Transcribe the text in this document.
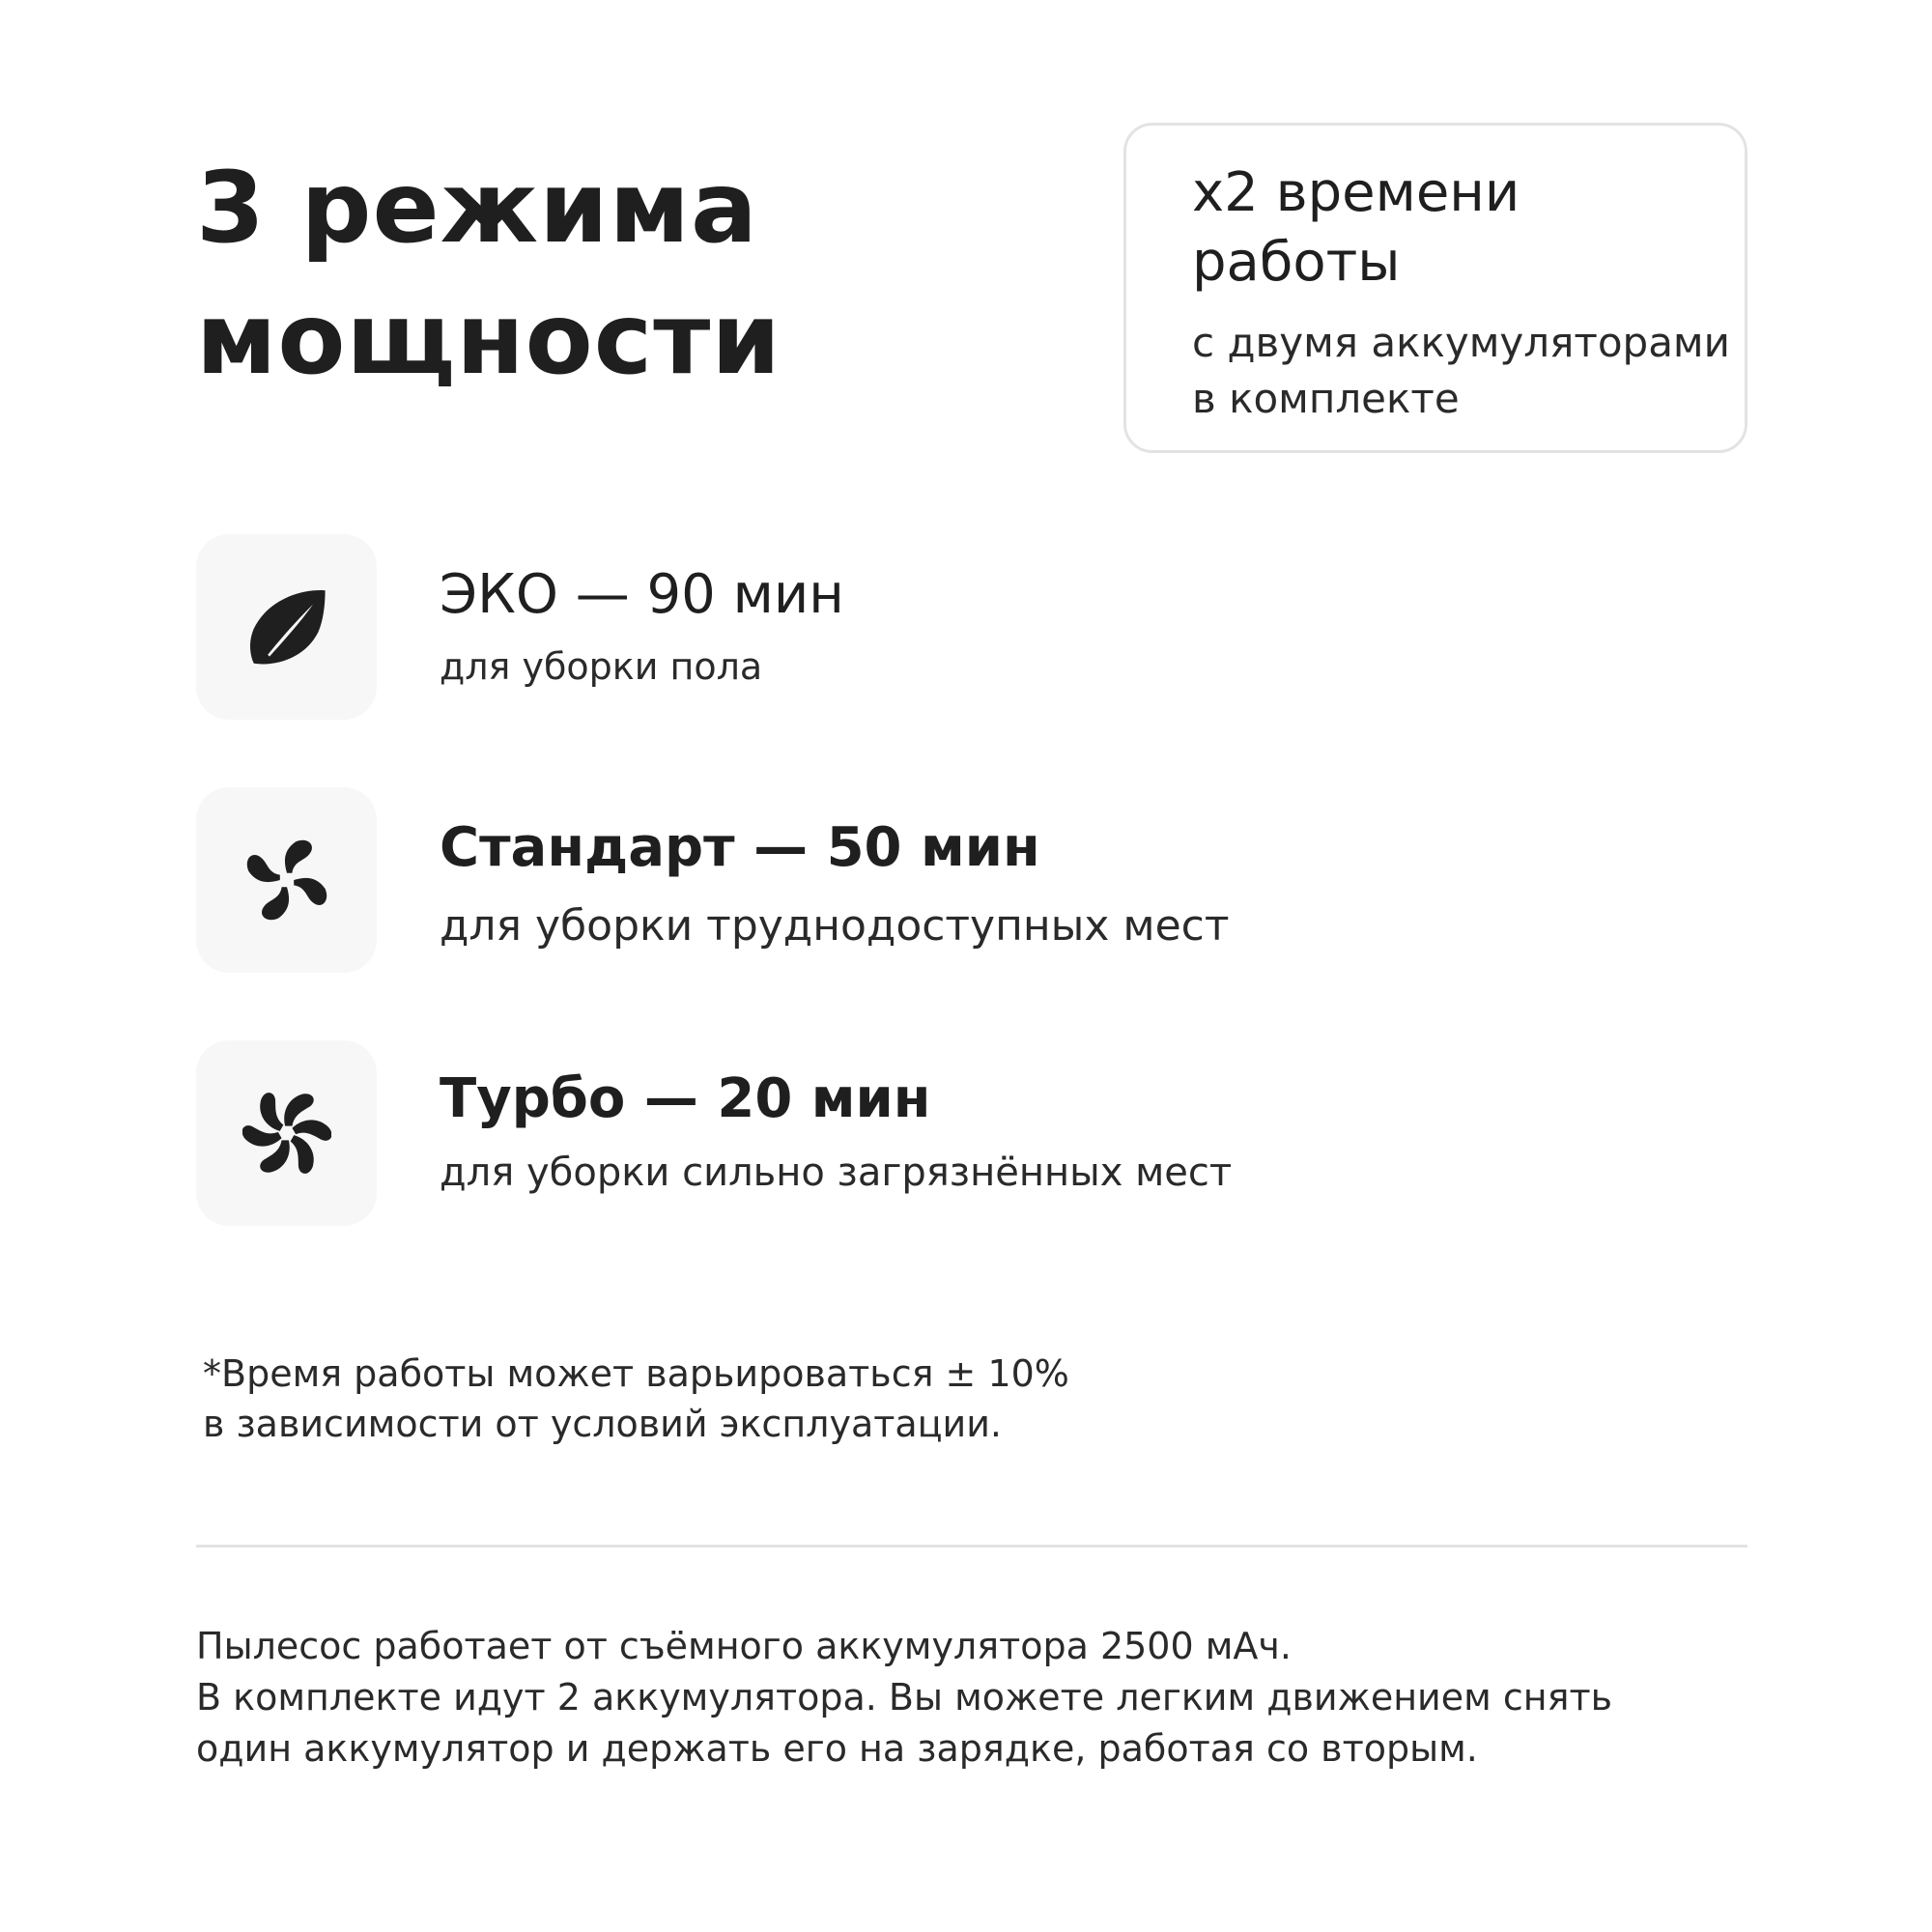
3 режима
мощности
x2 времени
работы
с двумя аккумуляторами
в комплекте
ЭКО — 90 мин
для уборки пола
Стандарт — 50 мин
для уборки труднодоступных мест
Турбо — 20 мин
для уборки сильно загрязнённых мест
*Время работы может варьироваться ± 10%
в зависимости от условий эксплуатации.
Пылесос работает от съёмного аккумулятора 2500 мАч.
В комплекте идут 2 аккумулятора. Вы можете легким движением снять
один аккумулятор и держать его на зарядке, работая со вторым.
